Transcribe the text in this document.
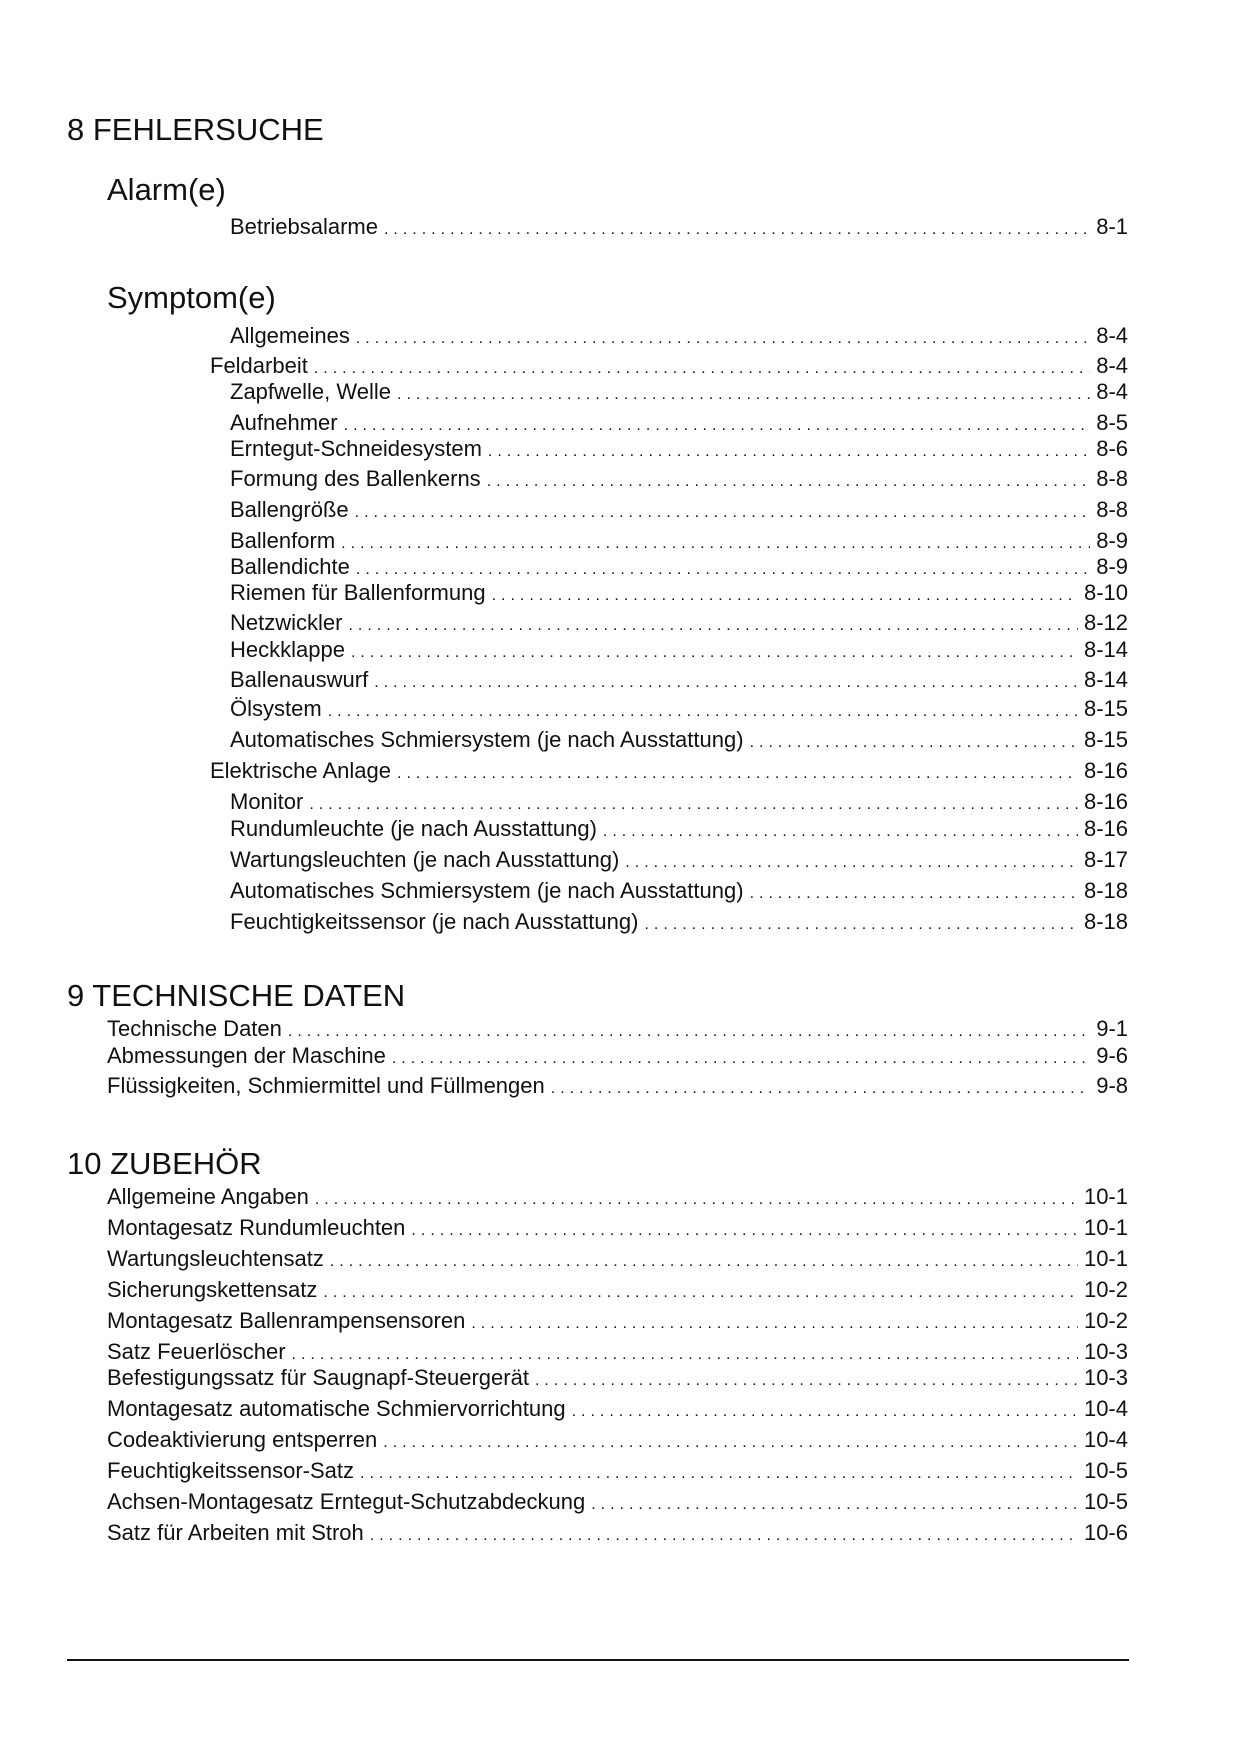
8 FEHLERSUCHE
Alarm(e)
Betriebsalarme .....	8-1
Symptom(e)
Allgemeines .....	8-4
Feldarbeit .....	8-4
Zapfwelle, Welle .....	8-4
Aufnehmer .....	8-5
Erntegut-Schneidesystem .....	8-6
Formung des Ballenkerns .....	8-8
Ballengröße .....	8-8
Ballenform .....	8-9
Ballendichte .....	8-9
Riemen für Ballenformung .....	8-10
Netzwickler .....	8-12
Heckklappe .....	8-14
Ballenauswurf .....	8-14
Ölsystem .....	8-15
Automatisches Schmiersystem (je nach Ausstattung) .....	8-15
Elektrische Anlage .....	8-16
Monitor .....	8-16
Rundumleuchte (je nach Ausstattung) .....	8-16
Wartungsleuchten (je nach Ausstattung) .....	8-17
Automatisches Schmiersystem (je nach Ausstattung) .....	8-18
Feuchtigkeitssensor (je nach Ausstattung) .....	8-18
9 TECHNISCHE DATEN
Technische Daten .....	9-1
Abmessungen der Maschine .....	9-6
Flüssigkeiten, Schmiermittel und Füllmengen .....	9-8
10 ZUBEHÖR
Allgemeine Angaben .....	10-1
Montagesatz Rundumleuchten .....	10-1
Wartungsleuchtensatz .....	10-1
Sicherungskettensatz .....	10-2
Montagesatz Ballenrampensensoren .....	10-2
Satz Feuerlöscher .....	10-3
Befestigungssatz für Saugnapf-Steuergerät .....	10-3
Montagesatz automatische Schmiervorrichtung .....	10-4
Codeaktivierung entsperren .....	10-4
Feuchtigkeitssensor-Satz .....	10-5
Achsen-Montagesatz Erntegut-Schutzabdeckung .....	10-5
Satz für Arbeiten mit Stroh .....	10-6
